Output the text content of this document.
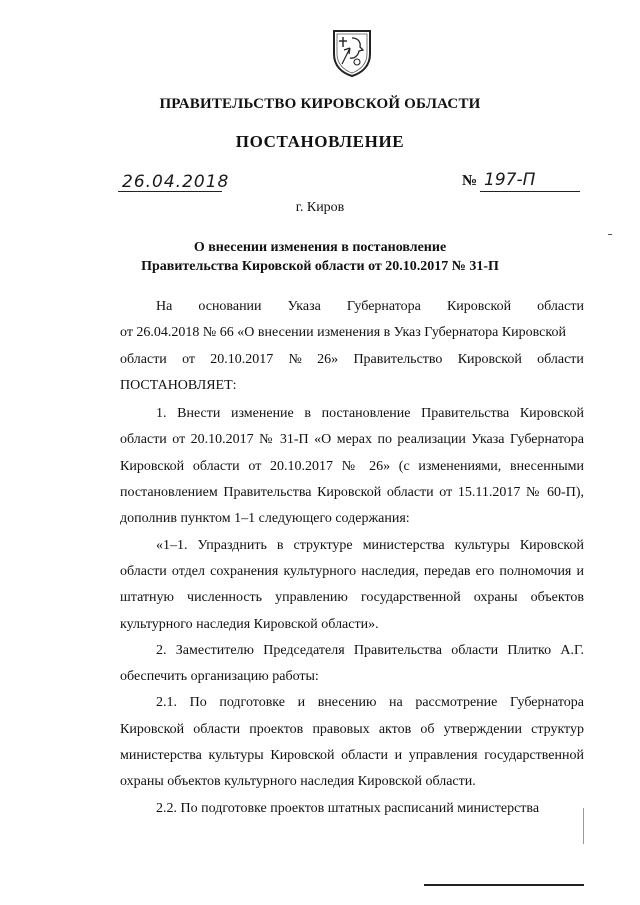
ПРАВИТЕЛЬСТВО КИРОВСКОЙ ОБЛАСТИ
ПОСТАНОВЛЕНИЕ
26.04.2018	№ 197-П
г. Киров
О внесении изменения в постановление
Правительства Кировской области от 20.10.2017 № 31-П
На основании Указа Губернатора Кировской области
от 26.04.2018 № 66 «О внесении изменения в Указ Губернатора Кировской
области от 20.10.2017 № 26» Правительство Кировской области
ПОСТАНОВЛЯЕТ:

1. Внести изменение в постановление Правительства Кировской области от 20.10.2017 № 31-П «О мерах по реализации Указа Губернатора Кировской области от 20.10.2017 № 26» (с изменениями, внесенными постановлением Правительства Кировской области от 15.11.2017 № 60-П), дополнив пунктом 1–1 следующего содержания:

«1–1. Упразднить в структуре министерства культуры Кировской области отдел сохранения культурного наследия, передав его полномочия и штатную численность управлению государственной охраны объектов культурного наследия Кировской области».

2. Заместителю Председателя Правительства области Плитко А.Г. обеспечить организацию работы:

2.1. По подготовке и внесению на рассмотрение Губернатора Кировской области проектов правовых актов об утверждении структур министерства культуры Кировской области и управления государственной охраны объектов культурного наследия Кировской области.

2.2. По подготовке проектов штатных расписаний министерства
